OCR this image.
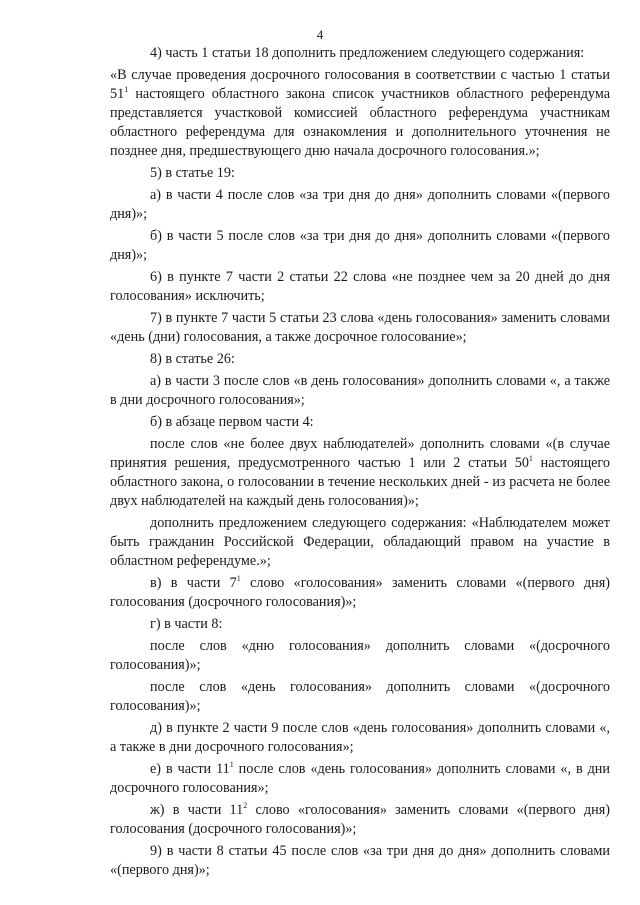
4

4) часть 1 статьи 18 дополнить предложением следующего содержания:

«В случае проведения досрочного голосования в соответствии с частью 1 статьи $51^1$ настоящего областного закона список участников областного референдума представляется участковой комиссией областного референдума участникам областного референдума для ознакомления и дополнительного уточнения не позднее дня, предшествующего дню начала досрочного голосования.»;

5) в статье 19:

а) в части 4 после слов «за три дня до дня» дополнить словами «(первого дня)»;

б) в части 5 после слов «за три дня до дня» дополнить словами «(первого дня)»;

6) в пункте 7 части 2 статьи 22 слова «не позднее чем за 20 дней до дня голосования» исключить;

7) в пункте 7 части 5 статьи 23 слова «день голосования» заменить словами «день (дни) голосования, а также досрочное голосование»;

8) в статье 26:

а) в части 3 после слов «в день голосования» дополнить словами «, а также в дни досрочного голосования»;

б) в абзаце первом части 4:

после слов «не более двух наблюдателей» дополнить словами «(в случае принятия решения, предусмотренного частью 1 или 2 статьи $50^1$ настоящего областного закона, о голосовании в течение нескольких дней - из расчета не более двух наблюдателей на каждый день голосования)»;

дополнить предложением следующего содержания: «Наблюдателем может быть гражданин Российской Федерации, обладающий правом на участие в областном референдуме.»;

в) в части $7^1$ слово «голосования» заменить словами «(первого дня) голосования (досрочного голосования)»;

г) в части 8:

после слов «дню голосования» дополнить словами «(досрочного голосования)»;

после слов «день голосования» дополнить словами «(досрочного голосования)»;

д) в пункте 2 части 9 после слов «день голосования» дополнить словами «, а также в дни досрочного голосования»;

е) в части $11^1$ после слов «день голосования» дополнить словами «, в дни досрочного голосования»;

ж) в части $11^2$ слово «голосования» заменить словами «(первого дня) голосования (досрочного голосования)»;

9) в части 8 статьи 45 после слов «за три дня до дня» дополнить словами «(первого дня)»;
